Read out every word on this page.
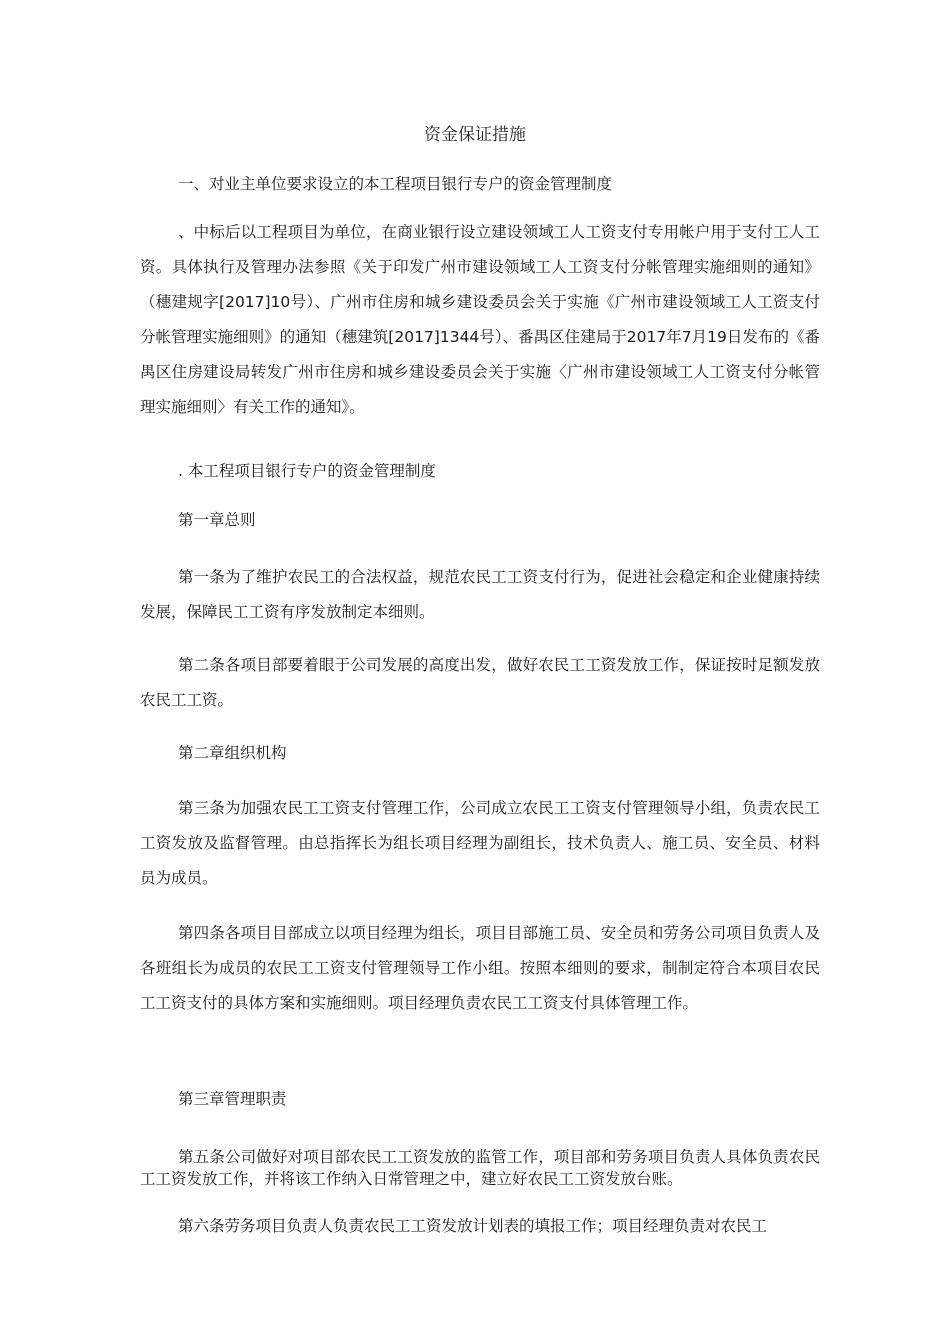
资金保证措施

一、对业主单位要求设立的本工程项目银行专户的资金管理制度

、中标后以工程项目为单位，在商业银行设立建设领域工人工资支付专用帐户用于支付工人工资。具体执行及管理办法参照《关于印发广州市建设领域工人工资支付分帐管理实施细则的通知》（穗建规字[2017]10号）、广州市住房和城乡建设委员会关于实施《广州市建设领域工人工资支付分帐管理实施细则》的通知（穗建筑[2017]1344号）、番禺区住建局于2017年7月19日发布的《番禺区住房建设局转发广州市住房和城乡建设委员会关于实施〈广州市建设领域工人工资支付分帐管理实施细则〉有关工作的通知》。

. 本工程项目银行专户的资金管理制度

第一章总则

第一条为了维护农民工的合法权益，规范农民工工资支付行为，促进社会稳定和企业健康持续发展，保障民工工资有序发放制定本细则。

第二条各项目部要着眼于公司发展的高度出发，做好农民工工资发放工作，保证按时足额发放农民工工资。

第二章组织机构

第三条为加强农民工工资支付管理工作，公司成立农民工工资支付管理领导小组，负责农民工工资发放及监督管理。由总指挥长为组长项目经理为副组长，技术负责人、施工员、安全员、材料员为成员。

第四条各项目目部成立以项目经理为组长，项目目部施工员、安全员和劳务公司项目负责人及各班组长为成员的农民工工资支付管理领导工作小组。按照本细则的要求，制制定符合本项目农民工工资支付的具体方案和实施细则。项目经理负责农民工工资支付具体管理工作。

第三章管理职责

第五条公司做好对项目部农民工工资发放的监管工作，项目部和劳务项目负责人具体负责农民工工资发放工作，并将该工作纳入日常管理之中，建立好农民工工资发放台账。

第六条劳务项目负责人负责农民工工资发放计划表的填报工作；项目经理负责对农民工
